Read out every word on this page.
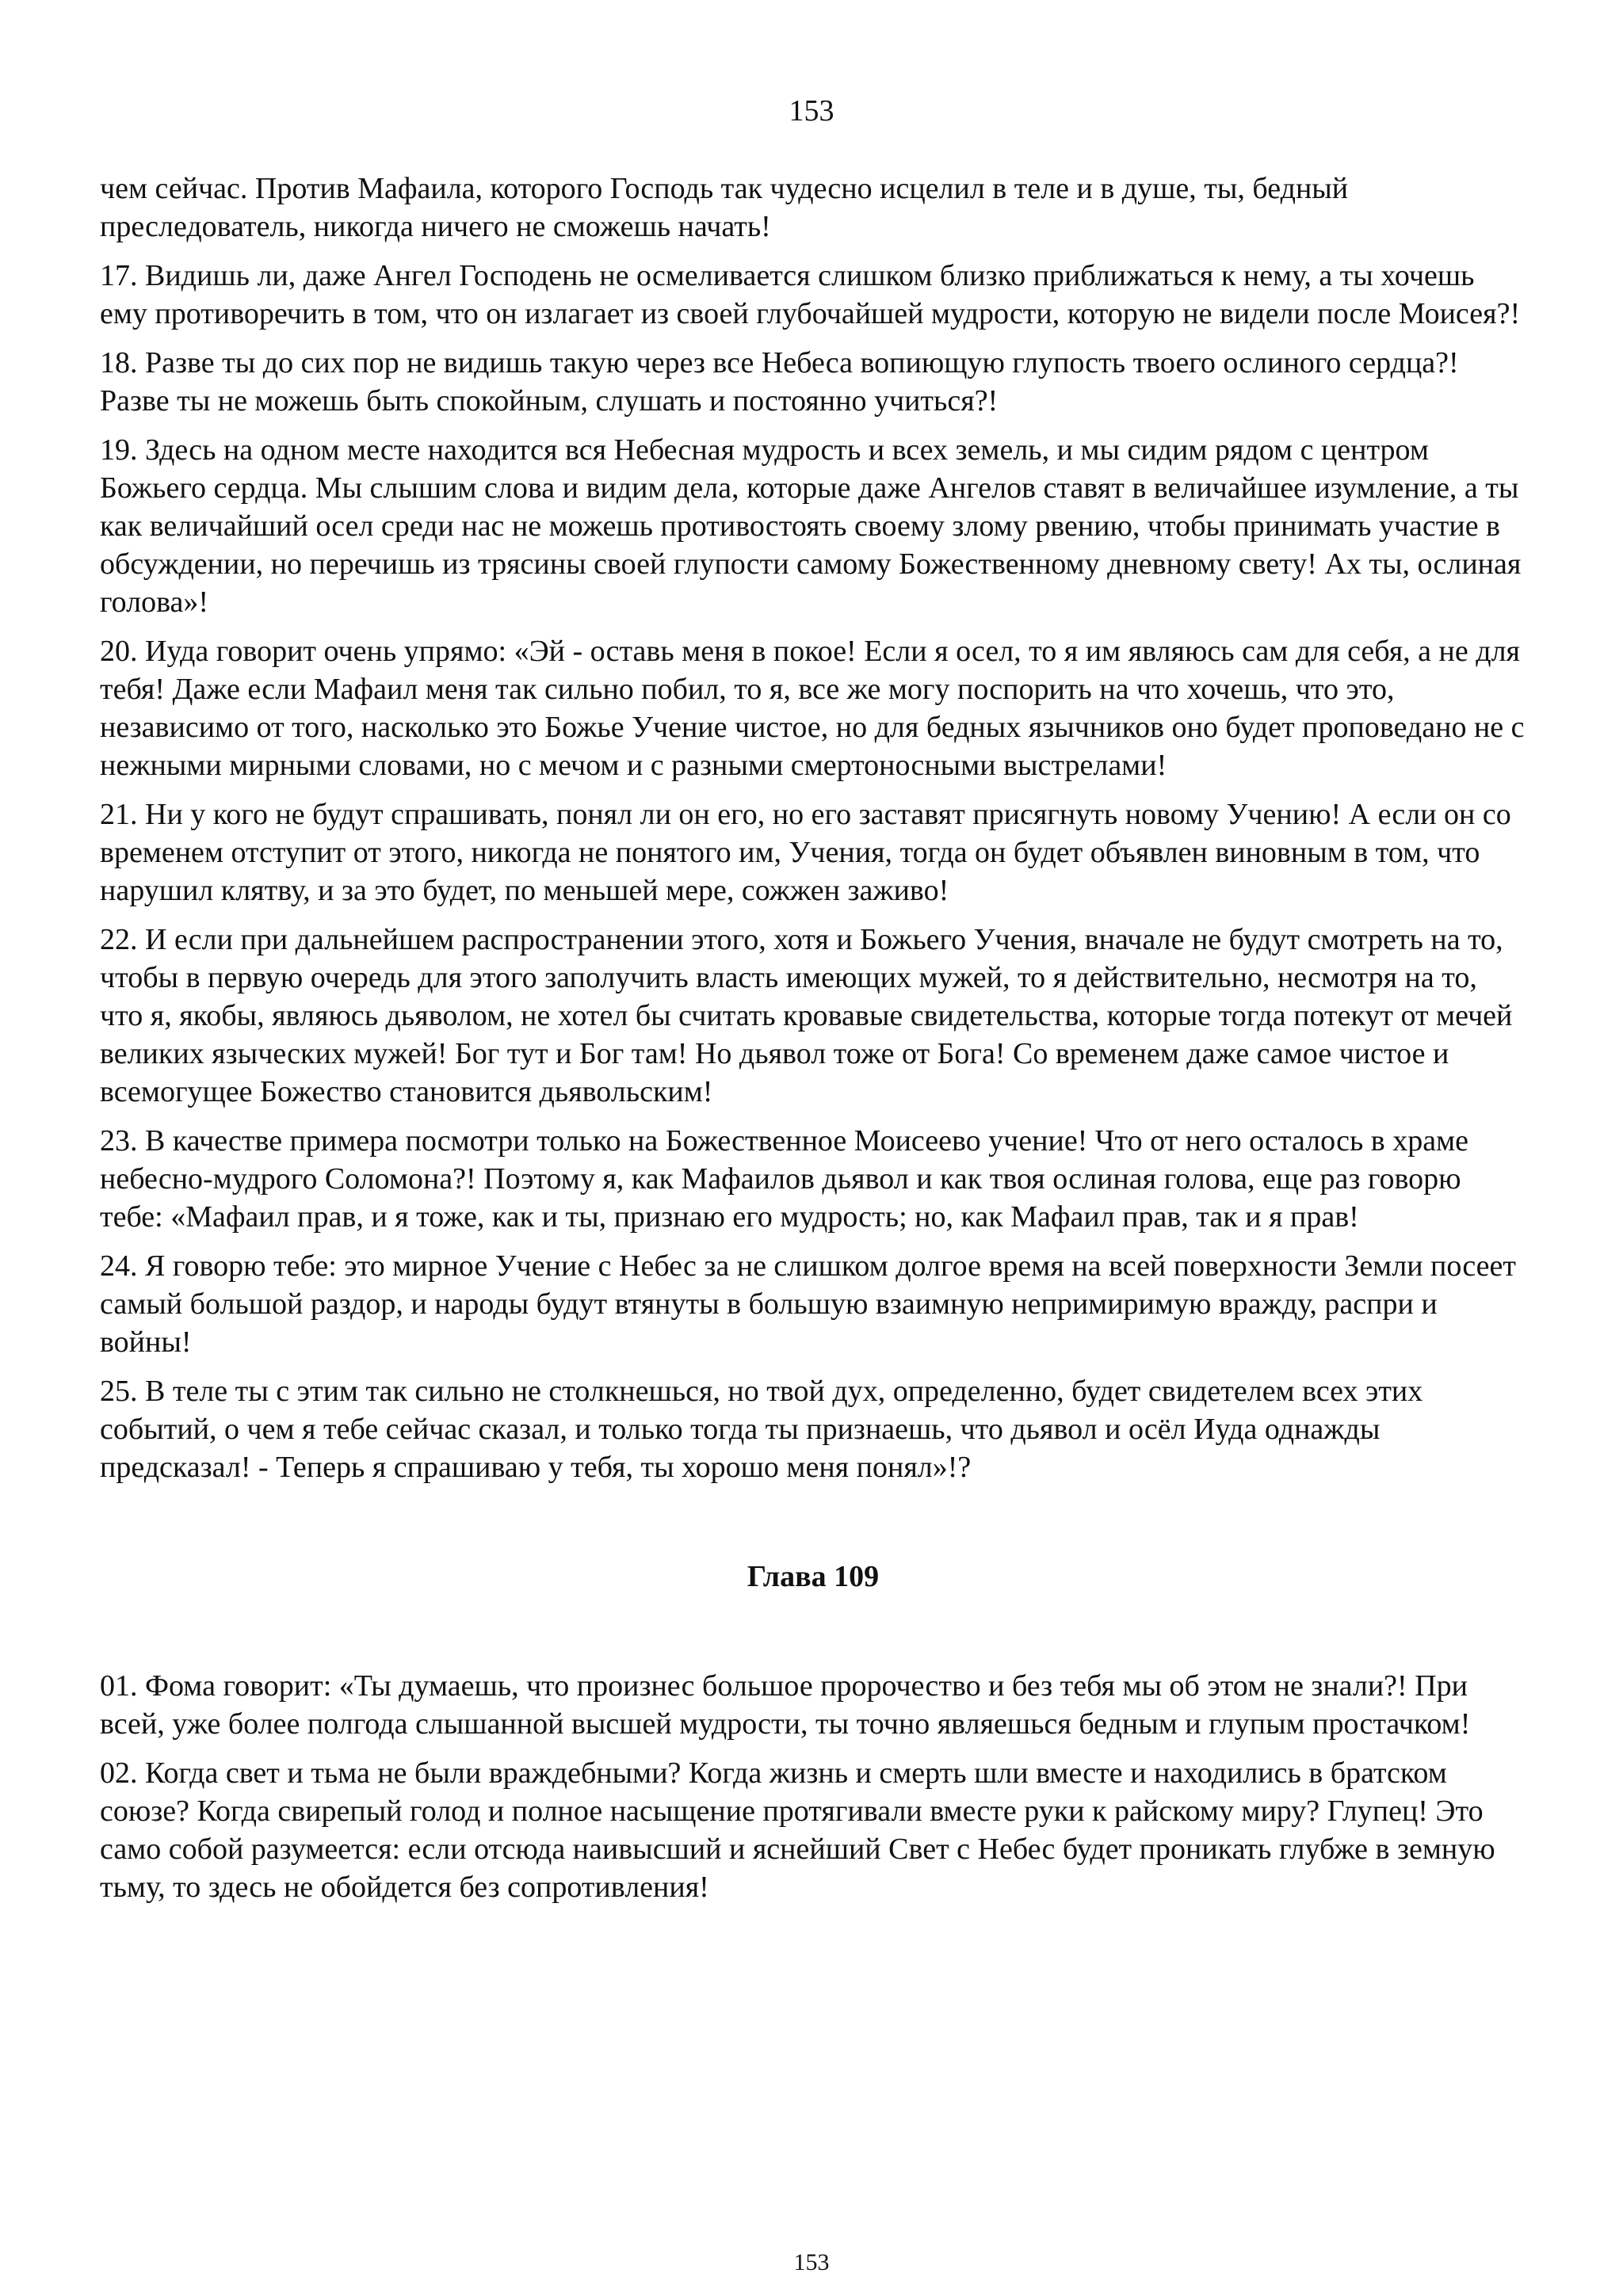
153

чем сейчас. Против Мафаила, которого Господь так чудесно исцелил в теле и в душе, ты, бедный преследователь, никогда ничего не сможешь начать!

17. Видишь ли, даже Ангел Господень не осмеливается слишком близко приближаться к нему, а ты хочешь ему противоречить в том, что он излагает из своей глубочайшей мудрости, которую не видели после Моисея?!

18. Разве ты до сих пор не видишь такую через все Небеса вопиющую глупость твоего ослиного сердца?! Разве ты не можешь быть спокойным, слушать и постоянно учиться?!

19. Здесь на одном месте находится вся Небесная мудрость и всех земель, и мы сидим рядом с центром Божьего сердца. Мы слышим слова и видим дела, которые даже Ангелов ставят в величайшее изумление, а ты как величайший осел среди нас не можешь противостоять своему злому рвению, чтобы принимать участие в обсуждении, но перечишь из трясины своей глупости самому Божественному дневному свету! Ах ты, ослиная голова»!

20. Иуда говорит очень упрямо: «Эй - оставь меня в покое! Если я осел, то я им являюсь сам для себя, а не для тебя! Даже если Мафаил меня так сильно побил, то я, все же могу поспорить на что хочешь, что это, независимо от того, насколько это Божье Учение чистое, но для бедных язычников оно будет проповедано не с нежными мирными словами, но с мечом и с разными смертоносными выстрелами!

21. Ни у кого не будут спрашивать, понял ли он его, но его заставят присягнуть новому Учению! А если он со временем отступит от этого, никогда не понятого им, Учения, тогда он будет объявлен виновным в том, что нарушил клятву, и за это будет, по меньшей мере, сожжен заживо!

22. И если при дальнейшем распространении этого, хотя и Божьего Учения, вначале не будут смотреть на то, чтобы в первую очередь для этого заполучить власть имеющих мужей, то я действительно, несмотря на то, что я, якобы, являюсь дьяволом, не хотел бы считать кровавые свидетельства, которые тогда потекут от мечей великих языческих мужей! Бог тут и Бог там! Но дьявол тоже от Бога! Со временем даже самое чистое и всемогущее Божество становится дьявольским!

23. В качестве примера посмотри только на Божественное Моисеево учение! Что от него осталось в храме небесно-мудрого Соломона?! Поэтому я, как Мафаилов дьявол и как твоя ослиная голова, еще раз говорю тебе: «Мафаил прав, и я тоже, как и ты, признаю его мудрость; но, как Мафаил прав, так и я прав!

24. Я говорю тебе: это мирное Учение с Небес за не слишком долгое время на всей поверхности Земли посеет самый большой раздор, и народы будут втянуты в большую взаимную непримиримую вражду, распри и войны!

25. В теле ты с этим так сильно не столкнешься, но твой дух, определенно, будет свидетелем всех этих событий, о чем я тебе сейчас сказал, и только тогда ты признаешь, что дьявол и осёл Иуда однажды предсказал! - Теперь я спрашиваю у тебя, ты хорошо меня понял»!?

Глава 109

01. Фома говорит: «Ты думаешь, что произнес большое пророчество и без тебя мы об этом не знали?! При всей, уже более полгода слышанной высшей мудрости, ты точно являешься бедным и глупым простачком!

02. Когда свет и тьма не были враждебными? Когда жизнь и смерть шли вместе и находились в братском союзе? Когда свирепый голод и полное насыщение протягивали вместе руки к райскому миру? Глупец! Это само собой разумеется: если отсюда наивысший и яснейший Свет с Небес будет проникать глубже в земную тьму, то здесь не обойдется без сопротивления!

153
